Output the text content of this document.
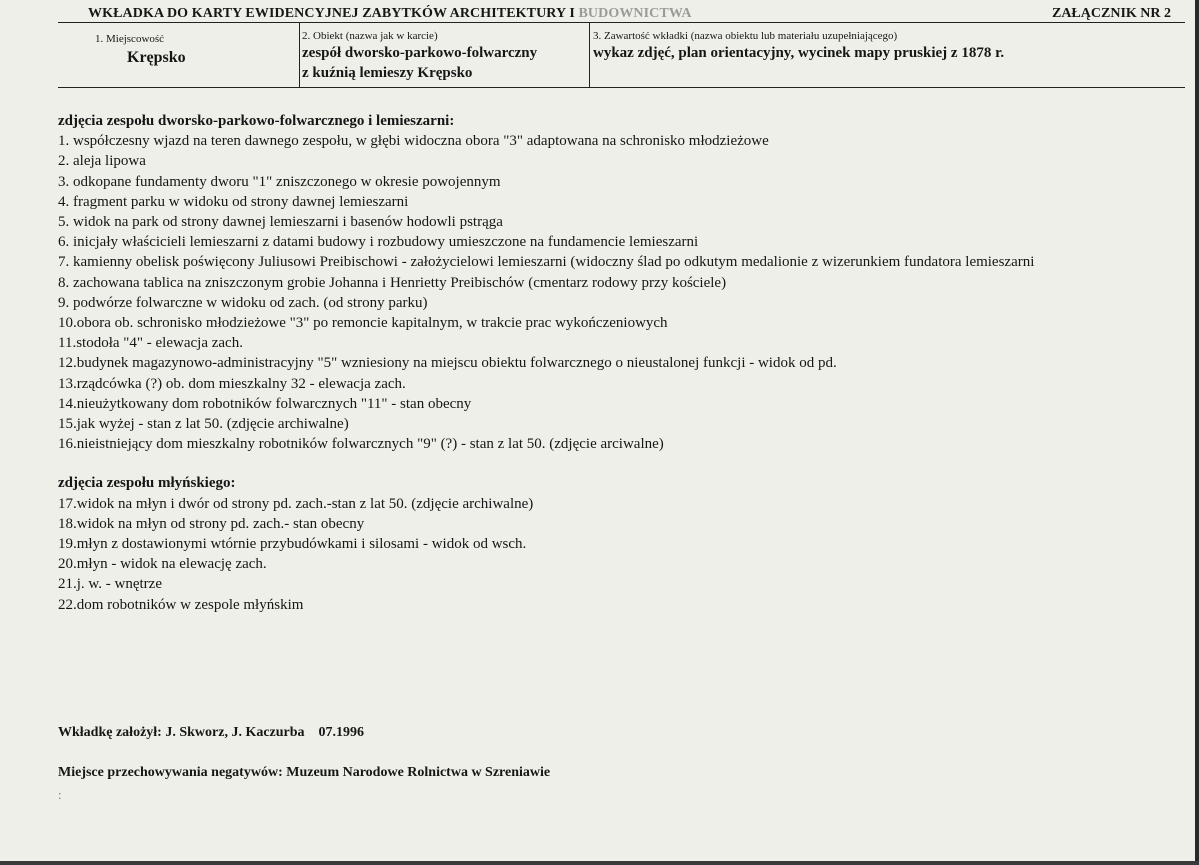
WKŁADKA DO KARTY EWIDENCYJNEJ ZABYTKÓW ARCHITEKTURY I BUDOWNICTWA	ZAŁĄCZNIK NR 2
1. Miejscowość
Krępsko
2. Obiekt (nazwa jak w karcie)
zespół dworsko-parkowo-folwarczny
z kuźnią lemieszy Krępsko
3. Zawartość wkładki (nazwa obiektu lub materiału uzupełniającego)
wykaz zdjęć, plan orientacyjny, wycinek mapy pruskiej z 1878 r.
zdjęcia zespołu dworsko-parkowo-folwarcznego i lemieszarni:
1. współczesny wjazd na teren dawnego zespołu, w głębi widoczna obora "3" adaptowana na schronisko młodzieżowe
2. aleja lipowa
3. odkopane fundamenty dworu "1" zniszczonego w okresie powojennym
4. fragment parku w widoku od strony dawnej lemieszarni
5. widok na park od strony dawnej lemieszarni i basenów hodowli pstrąga
6. inicjały właścicieli lemieszarni z datami budowy i rozbudowy umieszczone na fundamencie lemieszarni
7. kamienny obelisk poświęcony Juliusowi Preibischowi - założycielowi lemieszarni (widoczny ślad po odkutym medalionie z wizerunkiem fundatora lemieszarni
8. zachowana tablica na zniszczonym grobie Johanna i Henrietty Preibischów (cmentarz rodowy przy kościele)
9. podwórze folwarczne w widoku od zach. (od strony parku)
10.obora ob. schronisko młodzieżowe "3" po remoncie kapitalnym, w trakcie prac wykończeniowych
11.stodoła "4" - elewacja zach.
12.budynek magazynowo-administracyjny "5" wzniesiony na miejscu obiektu folwarcznego o nieustalonej funkcji - widok od pd.
13.rządcówka (?) ob. dom mieszkalny 32 - elewacja zach.
14.nieużytkowany dom robotników folwarcznych "11" - stan obecny
15.jak wyżej - stan z lat 50. (zdjęcie archiwalne)
16.nieistniejący dom mieszkalny robotników folwarcznych "9" (?) - stan z lat 50. (zdjęcie arciwalne)
zdjęcia zespołu młyńskiego:
17.widok na młyn i dwór od strony pd. zach.-stan z lat 50. (zdjęcie archiwalne)
18.widok na młyn od strony pd. zach.- stan obecny
19.młyn z dostawionymi wtórnie przybudówkami i silosami - widok od wsch.
20.młyn - widok na elewację zach.
21.j. w. - wnętrze
22.dom robotników w zespole młyńskim
Wkładkę założył: J. Skworz, J. Kaczurba    07.1996
Miejsce przechowywania negatywów: Muzeum Narodowe Rolnictwa w Szreniawie
:
